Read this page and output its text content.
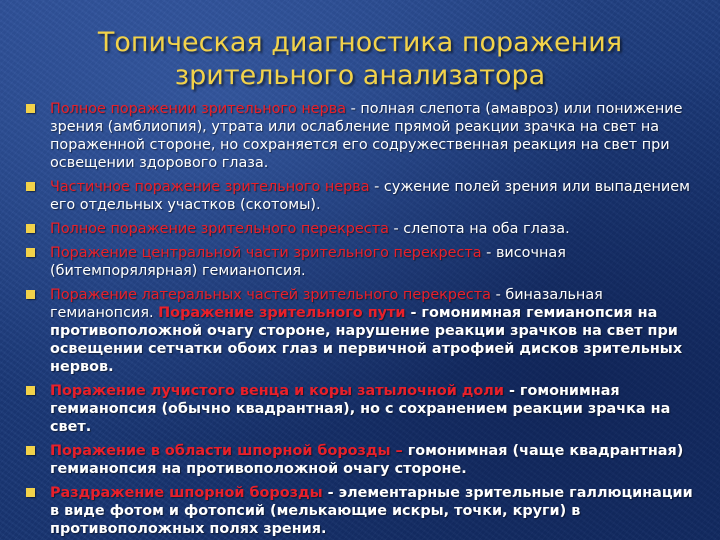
Топическая диагностика поражения зрительного анализатора
Полное поражении зрительного нерва - полная слепота (амавроз) или понижение зрения (амблиопия), утрата или ослабление прямой реакции зрачка на свет на пораженной стороне, но сохраняется его содружественная реакция на свет при освещении здорового глаза.
Частичное поражение зрительного нерва - сужение полей зрения или выпадением его отдельных участков (скотомы).
Полное поражение зрительного перекреста - слепота на оба глаза.
Поражение центральной части зрительного перекреста - височная (битемпорялярная) гемианопсия.
Поражение латеральных частей зрительного перекреста - биназальная гемианопсия. Поражение зрительного пути - гомонимная гемианопсия на противоположной очагу стороне, нарушение реакции зрачков на свет при освещении сетчатки обоих глаз и первичной атрофией дисков зрительных нервов.
Поражение лучистого венца и коры затылочной доли - гомонимная гемианопсия (обычно квадрантная), но с сохранением реакции зрачка на свет.
Поражение в области шпорной борозды – гомонимная (чаще квадрантная) гемианопсия на противоположной очагу стороне.
Раздражение шпорной борозды - элементарные зрительные галлюцинации в виде фотом и фотопсий (мелькающие искры, точки, круги) в противоположных полях зрения.
